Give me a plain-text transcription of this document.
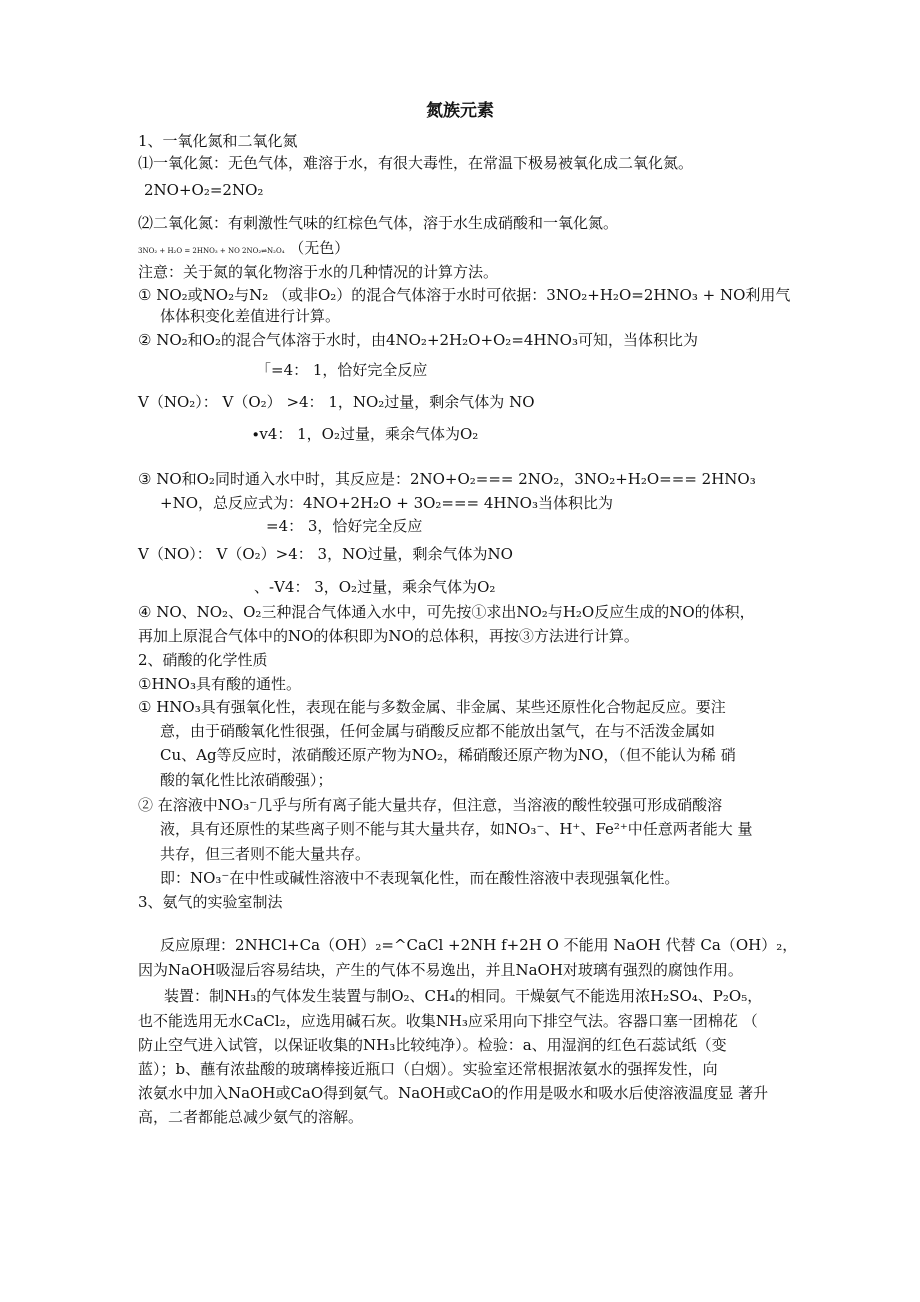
氮族元素
1、一氧化氮和二氧化氮
⑴一氧化氮：无色气体，难溶于水，有很大毒性，在常温下极易被氧化成二氧化氮。
2NO+O₂=2NO₂
⑵二氧化氮：有刺激性气味的红棕色气体，溶于水生成硝酸和一氧化氮。
3NO₂ + H₂O = 2HNO₃ + NO 2NO₂⇌N₂O₄ （无色）
注意：关于氮的氧化物溶于水的几种情况的计算方法。
① NO₂或NO₂与N₂ （或非O₂）的混合气体溶于水时可依据：3NO₂+H₂O=2HNO₃ + NO利用气
体体积变化差值进行计算。
② NO₂和O₂的混合气体溶于水时，由4NO₂+2H₂O+O₂=4HNO₃可知，当体积比为
「=4： 1，恰好完全反应
V（NO₂）： V（O₂） >4： 1，NO₂过量，剩余气体为 NO
∙v4： 1，O₂过量，乘余气体为O₂
③ NO和O₂同时通入水中时，其反应是：2NO+O₂=== 2NO₂，3NO₂+H₂O=== 2HNO₃
+NO，总反应式为：4NO+2H₂O + 3O₂=== 4HNO₃当体积比为
=4： 3，恰好完全反应
V（NO）： V（O₂）>4： 3，NO过量，剩余气体为NO
、-V4： 3，O₂过量，乘余气体为O₂
④ NO、NO₂、O₂三种混合气体通入水中，可先按①求出NO₂与H₂O反应生成的NO的体积，
再加上原混合气体中的NO的体积即为NO的总体积，再按③方法进行计算。
2、硝酸的化学性质
①HNO₃具有酸的通性。
① HNO₃具有强氧化性，表现在能与多数金属、非金属、某些还原性化合物起反应。要注
意，由于硝酸氧化性很强，任何金属与硝酸反应都不能放出氢气，在与不活泼金属如
Cu、Ag等反应时，浓硝酸还原产物为NO₂，稀硝酸还原产物为NO，（但不能认为稀 硝
酸的氧化性比浓硝酸强）；
② 在溶液中NO₃⁻几乎与所有离子能大量共存，但注意，当溶液的酸性较强可形成硝酸溶
液，具有还原性的某些离子则不能与其大量共存，如NO₃⁻、H⁺、Fe²⁺中任意两者能大 量
共存，但三者则不能大量共存。
即：NO₃⁻在中性或碱性溶液中不表现氧化性，而在酸性溶液中表现强氧化性。
3、氨气的实验室制法
反应原理：2NHCl+Ca（OH）₂=^CaCl +2NH f+2H O 不能用 NaOH 代替 Ca（OH）₂，
因为NaOH吸湿后容易结块，产生的气体不易逸出，并且NaOH对玻璃有强烈的腐蚀作用。
装置：制NH₃的气体发生装置与制O₂、CH₄的相同。干燥氨气不能选用浓H₂SO₄、P₂O₅，
也不能选用无水CaCl₂，应选用碱石灰。收集NH₃应采用向下排空气法。容器口塞一团棉花 （
防止空气进入试管，以保证收集的NH₃比较纯净）。检验：a、用湿润的红色石蕊试纸（变
蓝）；b、蘸有浓盐酸的玻璃棒接近瓶口（白烟）。实验室还常根据浓氨水的强挥发性，向
浓氨水中加入NaOH或CaO得到氨气。NaOH或CaO的作用是吸水和吸水后使溶液温度显 著升
高，二者都能总减少氨气的溶解。
